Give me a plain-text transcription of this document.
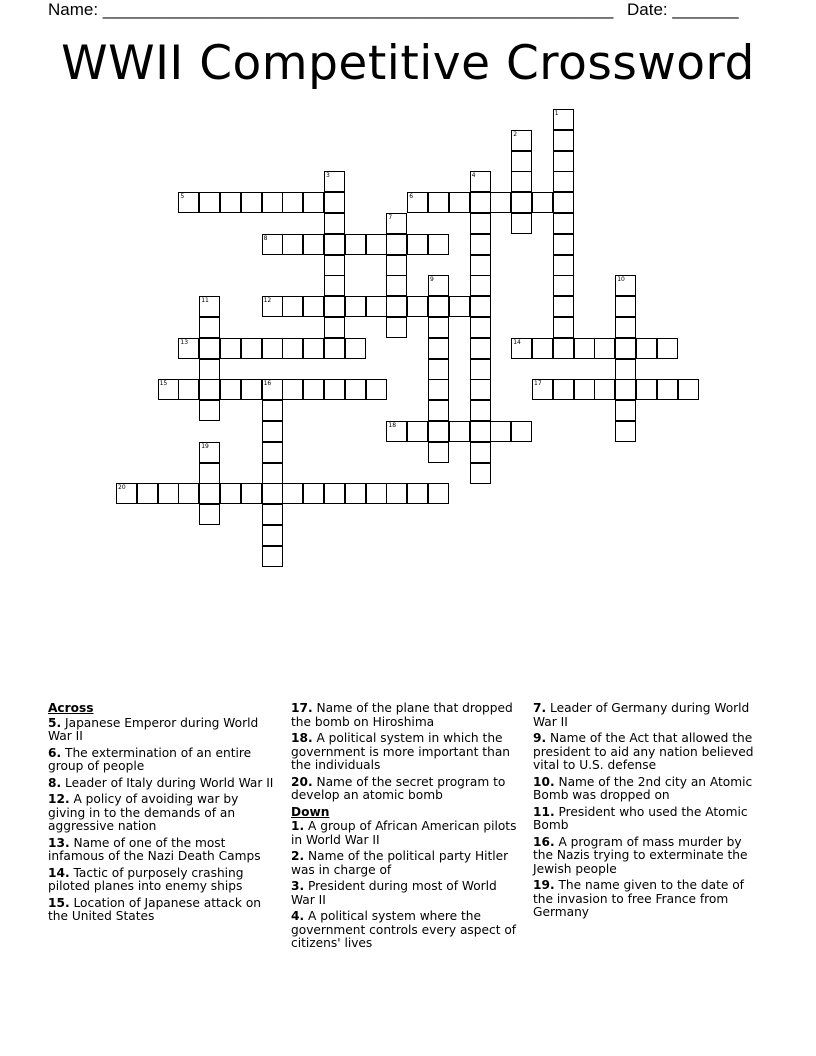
Name: ______________________________________________________ Date: _______
WWII Competitive Crossword
1
2
3	4
5	6
7
8
9	10
11	12
13	14
15	16	17
18
19
20
Across
5. Japanese Emperor during World War II
6. The extermination of an entire group of people
8. Leader of Italy during World War II
12. A policy of avoiding war by giving in to the demands of an aggressive nation
13. Name of one of the most infamous of the Nazi Death Camps
14. Tactic of purposely crashing piloted planes into enemy ships
15. Location of Japanese attack on the United States
17. Name of the plane that dropped the bomb on Hiroshima
18. A political system in which the government is more important than the individuals
20. Name of the secret program to develop an atomic bomb
Down
1. A group of African American pilots in World War II
2. Name of the political party Hitler was in charge of
3. President during most of World War II
4. A political system where the government controls every aspect of citizens' lives
7. Leader of Germany during World War II
9. Name of the Act that allowed the president to aid any nation believed vital to U.S. defense
10. Name of the 2nd city an Atomic Bomb was dropped on
11. President who used the Atomic Bomb
16. A program of mass murder by the Nazis trying to exterminate the Jewish people
19. The name given to the date of the invasion to free France from Germany
